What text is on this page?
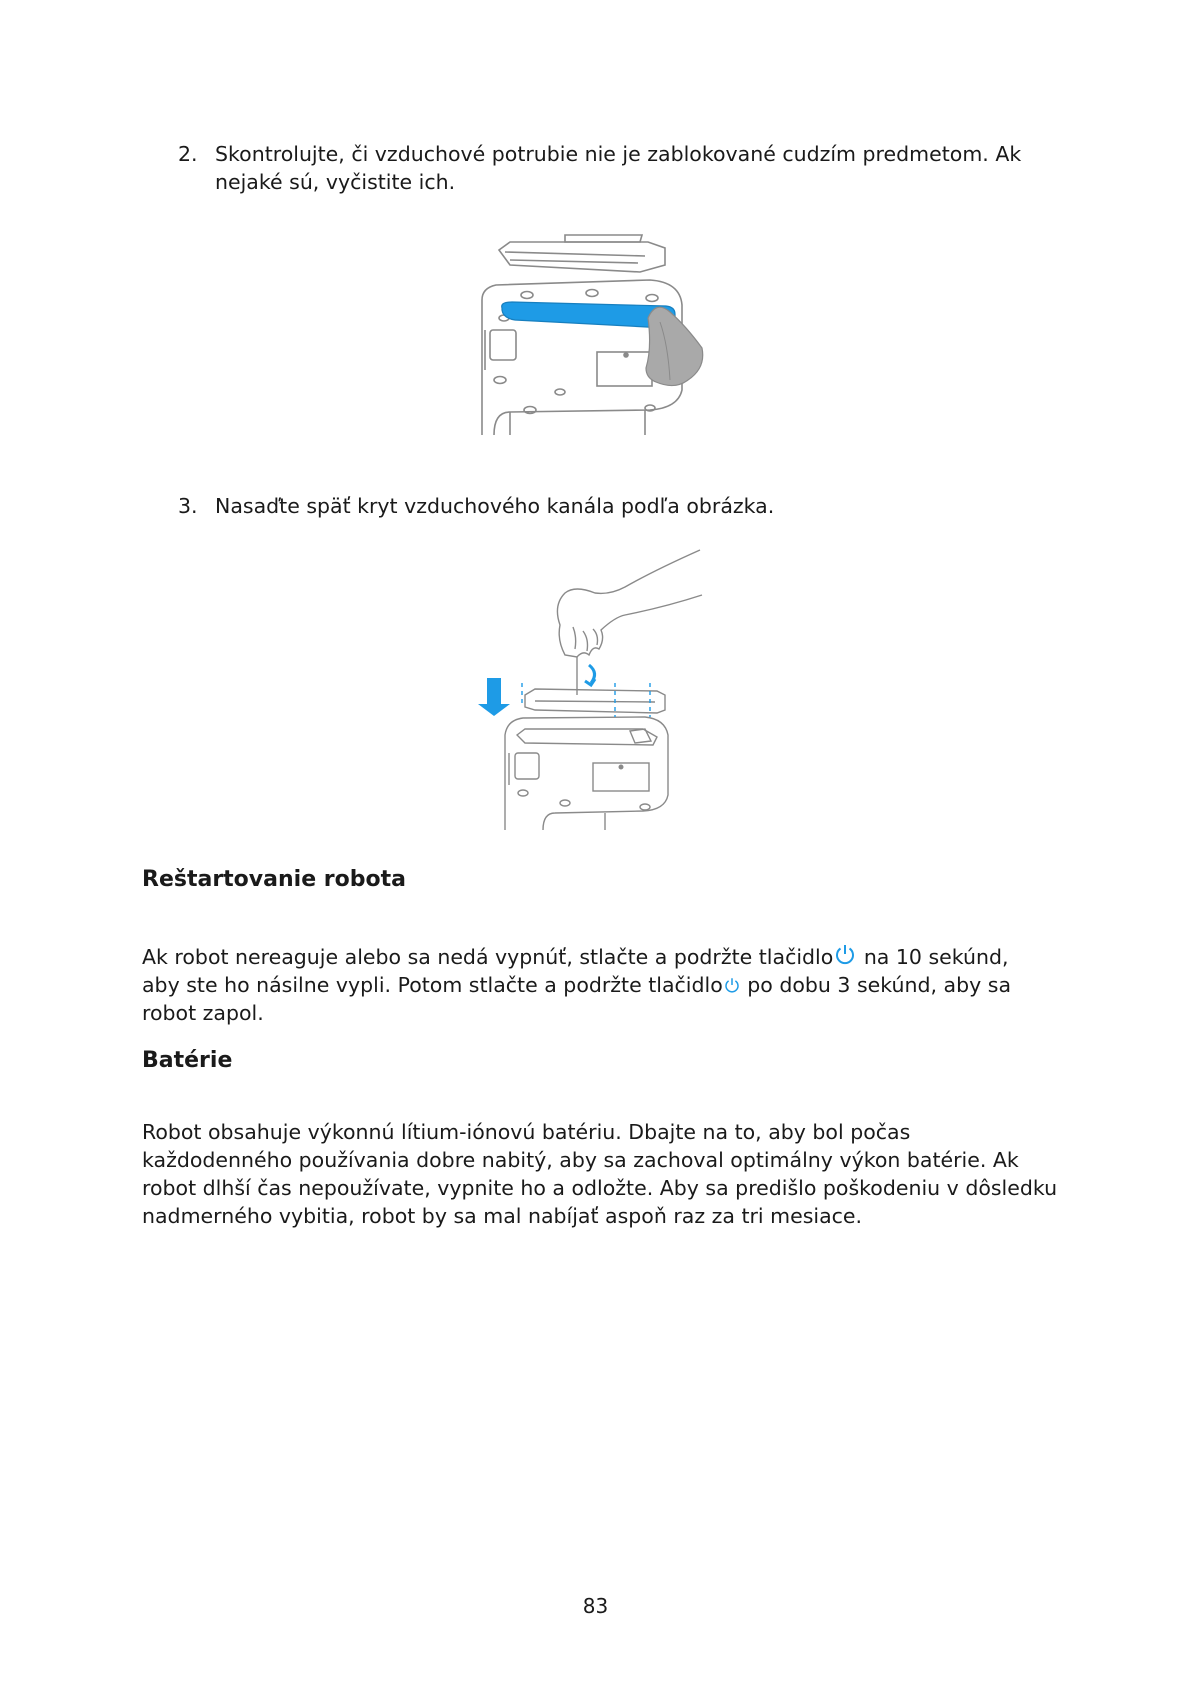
2. Skontrolujte, či vzduchové potrubie nie je zablokované cudzím predmetom. Ak nejaké sú, vyčistite ich.
3. Nasaďte späť kryt vzduchového kanála podľa obrázka.
Reštartovanie robota
Ak robot nereaguje alebo sa nedá vypnúť, stlačte a podržte tlačidlo
na 10 sekúnd, aby ste ho násilne vypli. Potom stlačte a podržte tlačidlo
po dobu 3 sekúnd, aby sa robot zapol.
Batérie
Robot obsahuje výkonnú lítium-iónovú batériu. Dbajte na to, aby bol počas každodenného používania dobre nabitý, aby sa zachoval optimálny výkon batérie. Ak robot dlhší čas nepoužívate, vypnite ho a odložte. Aby sa predišlo poškodeniu v dôsledku nadmerného vybitia, robot by sa mal nabíjať aspoň raz za tri mesiace.
83
